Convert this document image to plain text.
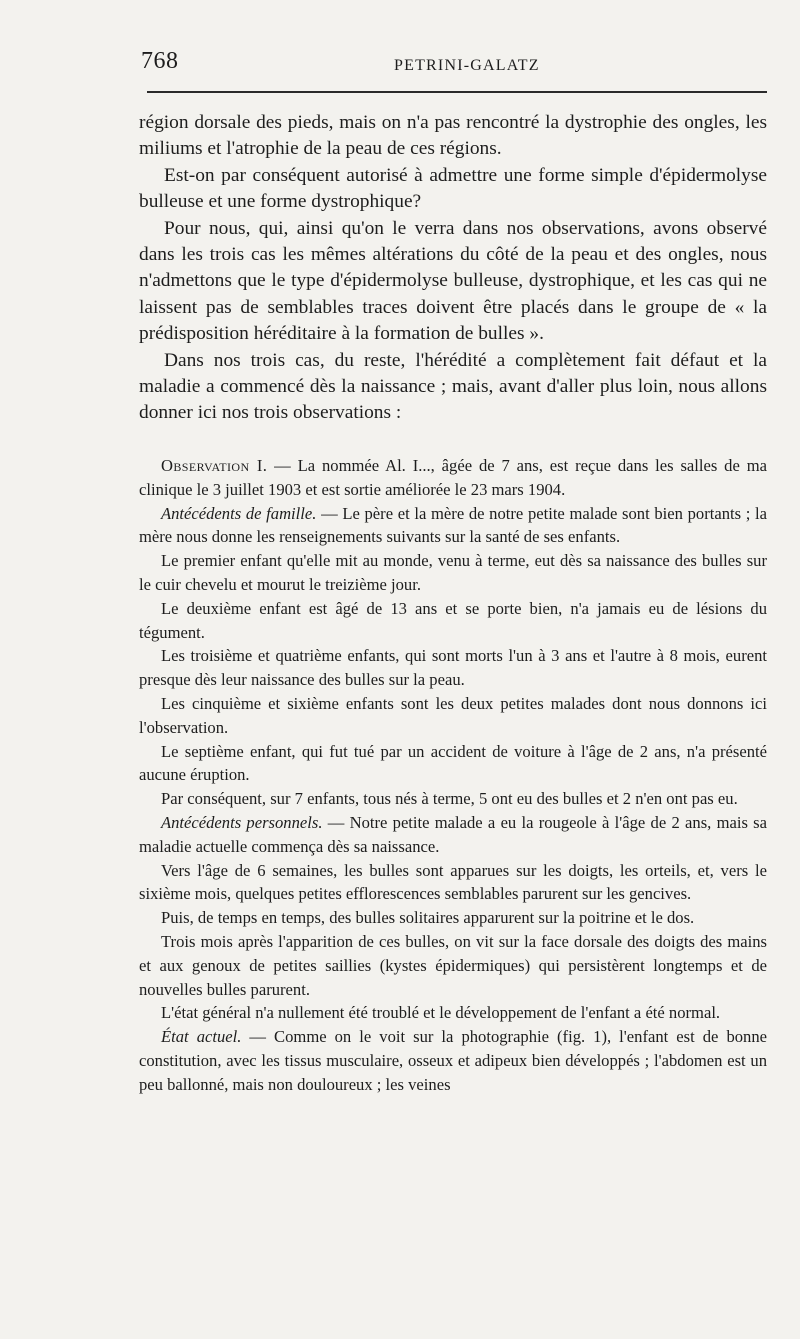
768	PETRINI-GALATZ

région dorsale des pieds, mais on n'a pas rencontré la dystrophie des ongles, les miliums et l'atrophie de la peau de ces régions.

Est-on par conséquent autorisé à admettre une forme simple d'épidermolyse bulleuse et une forme dystrophique?

Pour nous, qui, ainsi qu'on le verra dans nos observations, avons observé dans les trois cas les mêmes altérations du côté de la peau et des ongles, nous n'admettons que le type d'épidermolyse bulleuse, dystrophique, et les cas qui ne laissent pas de semblables traces doivent être placés dans le groupe de « la prédisposition héréditaire à la formation de bulles ».

Dans nos trois cas, du reste, l'hérédité a complètement fait défaut et la maladie a commencé dès la naissance ; mais, avant d'aller plus loin, nous allons donner ici nos trois observations :

Observation I. — La nommée Al. I..., âgée de 7 ans, est reçue dans les salles de ma clinique le 3 juillet 1903 et est sortie améliorée le 23 mars 1904.

Antécédents de famille. — Le père et la mère de notre petite malade sont bien portants ; la mère nous donne les renseignements suivants sur la santé de ses enfants.

Le premier enfant qu'elle mit au monde, venu à terme, eut dès sa naissance des bulles sur le cuir chevelu et mourut le treizième jour.

Le deuxième enfant est âgé de 13 ans et se porte bien, n'a jamais eu de lésions du tégument.

Les troisième et quatrième enfants, qui sont morts l'un à 3 ans et l'autre à 8 mois, eurent presque dès leur naissance des bulles sur la peau.

Les cinquième et sixième enfants sont les deux petites malades dont nous donnons ici l'observation.

Le septième enfant, qui fut tué par un accident de voiture à l'âge de 2 ans, n'a présenté aucune éruption.

Par conséquent, sur 7 enfants, tous nés à terme, 5 ont eu des bulles et 2 n'en ont pas eu.

Antécédents personnels. — Notre petite malade a eu la rougeole à l'âge de 2 ans, mais sa maladie actuelle commença dès sa naissance.

Vers l'âge de 6 semaines, les bulles sont apparues sur les doigts, les orteils, et, vers le sixième mois, quelques petites efflorescences semblables parurent sur les gencives.

Puis, de temps en temps, des bulles solitaires apparurent sur la poitrine et le dos.

Trois mois après l'apparition de ces bulles, on vit sur la face dorsale des doigts des mains et aux genoux de petites saillies (kystes épidermiques) qui persistèrent longtemps et de nouvelles bulles parurent.

L'état général n'a nullement été troublé et le développement de l'enfant a été normal.

État actuel. — Comme on le voit sur la photographie (fig. 1), l'enfant est de bonne constitution, avec les tissus musculaire, osseux et adipeux bien développés ; l'abdomen est un peu ballonné, mais non douloureux ; les veines
